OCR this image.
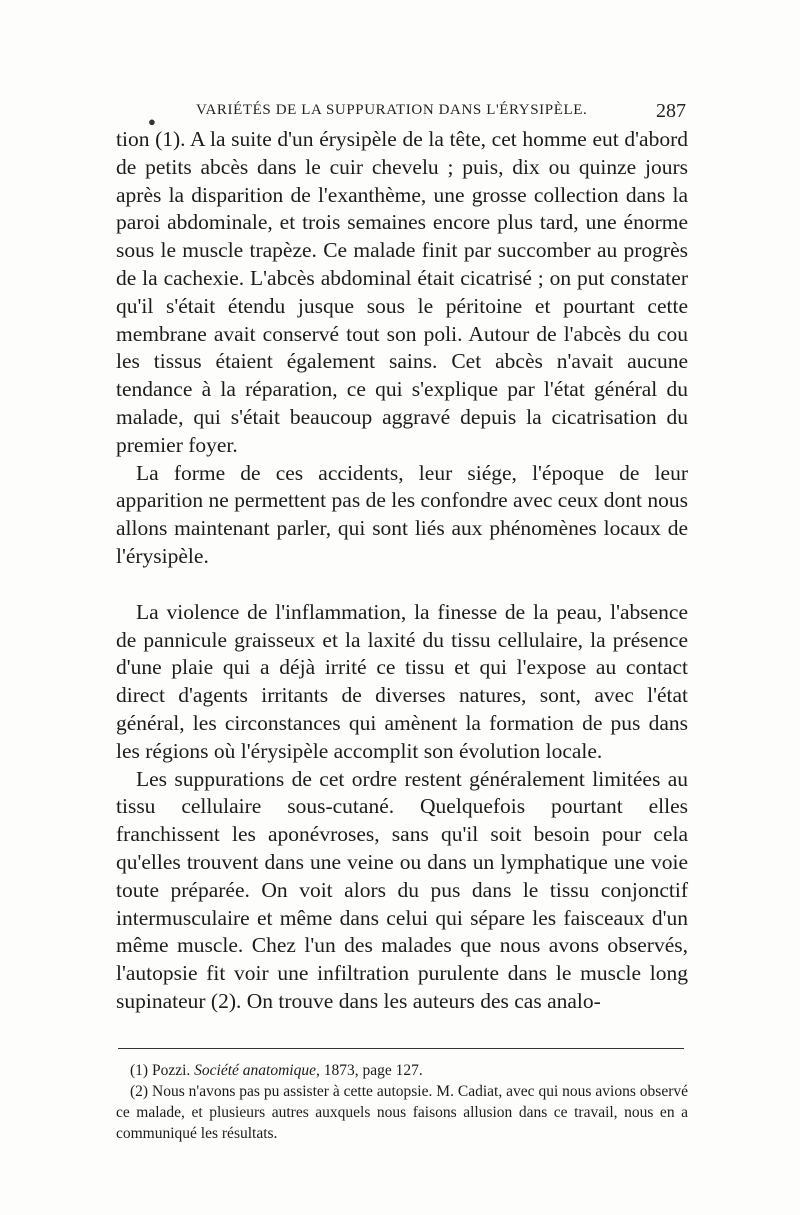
●
VARIÉTÉS DE LA SUPPURATION DANS L'ÉRYSIPÈLE.	287

tion (1). A la suite d'un érysipèle de la tête, cet homme eut d'abord de petits abcès dans le cuir chevelu ; puis, dix ou quinze jours après la disparition de l'exanthème, une grosse collection dans la paroi abdominale, et trois semaines encore plus tard, une énorme sous le muscle trapèze. Ce malade finit par succomber au progrès de la cachexie. L'abcès abdominal était cicatrisé ; on put constater qu'il s'était étendu jusque sous le péritoine et pourtant cette membrane avait conservé tout son poli. Autour de l'abcès du cou les tissus étaient également sains. Cet abcès n'avait aucune tendance à la réparation, ce qui s'explique par l'état général du malade, qui s'était beaucoup aggravé depuis la cicatrisation du premier foyer.

La forme de ces accidents, leur siége, l'époque de leur apparition ne permettent pas de les confondre avec ceux dont nous allons maintenant parler, qui sont liés aux phénomènes locaux de l'érysipèle.

La violence de l'inflammation, la finesse de la peau, l'absence de pannicule graisseux et la laxité du tissu cellulaire, la présence d'une plaie qui a déjà irrité ce tissu et qui l'expose au contact direct d'agents irritants de diverses natures, sont, avec l'état général, les circonstances qui amènent la formation de pus dans les régions où l'érysipèle accomplit son évolution locale.

Les suppurations de cet ordre restent généralement limitées au tissu cellulaire sous-cutané. Quelquefois pourtant elles franchissent les aponévroses, sans qu'il soit besoin pour cela qu'elles trouvent dans une veine ou dans un lymphatique une voie toute préparée. On voit alors du pus dans le tissu conjonctif intermusculaire et même dans celui qui sépare les faisceaux d'un même muscle. Chez l'un des malades que nous avons observés, l'autopsie fit voir une infiltration purulente dans le muscle long supinateur (2). On trouve dans les auteurs des cas analo-

(1) Pozzi. Société anatomique, 1873, page 127.

(2) Nous n'avons pas pu assister à cette autopsie. M. Cadiat, avec qui nous avions observé ce malade, et plusieurs autres auxquels nous faisons allusion dans ce travail, nous en a communiqué les résultats.
